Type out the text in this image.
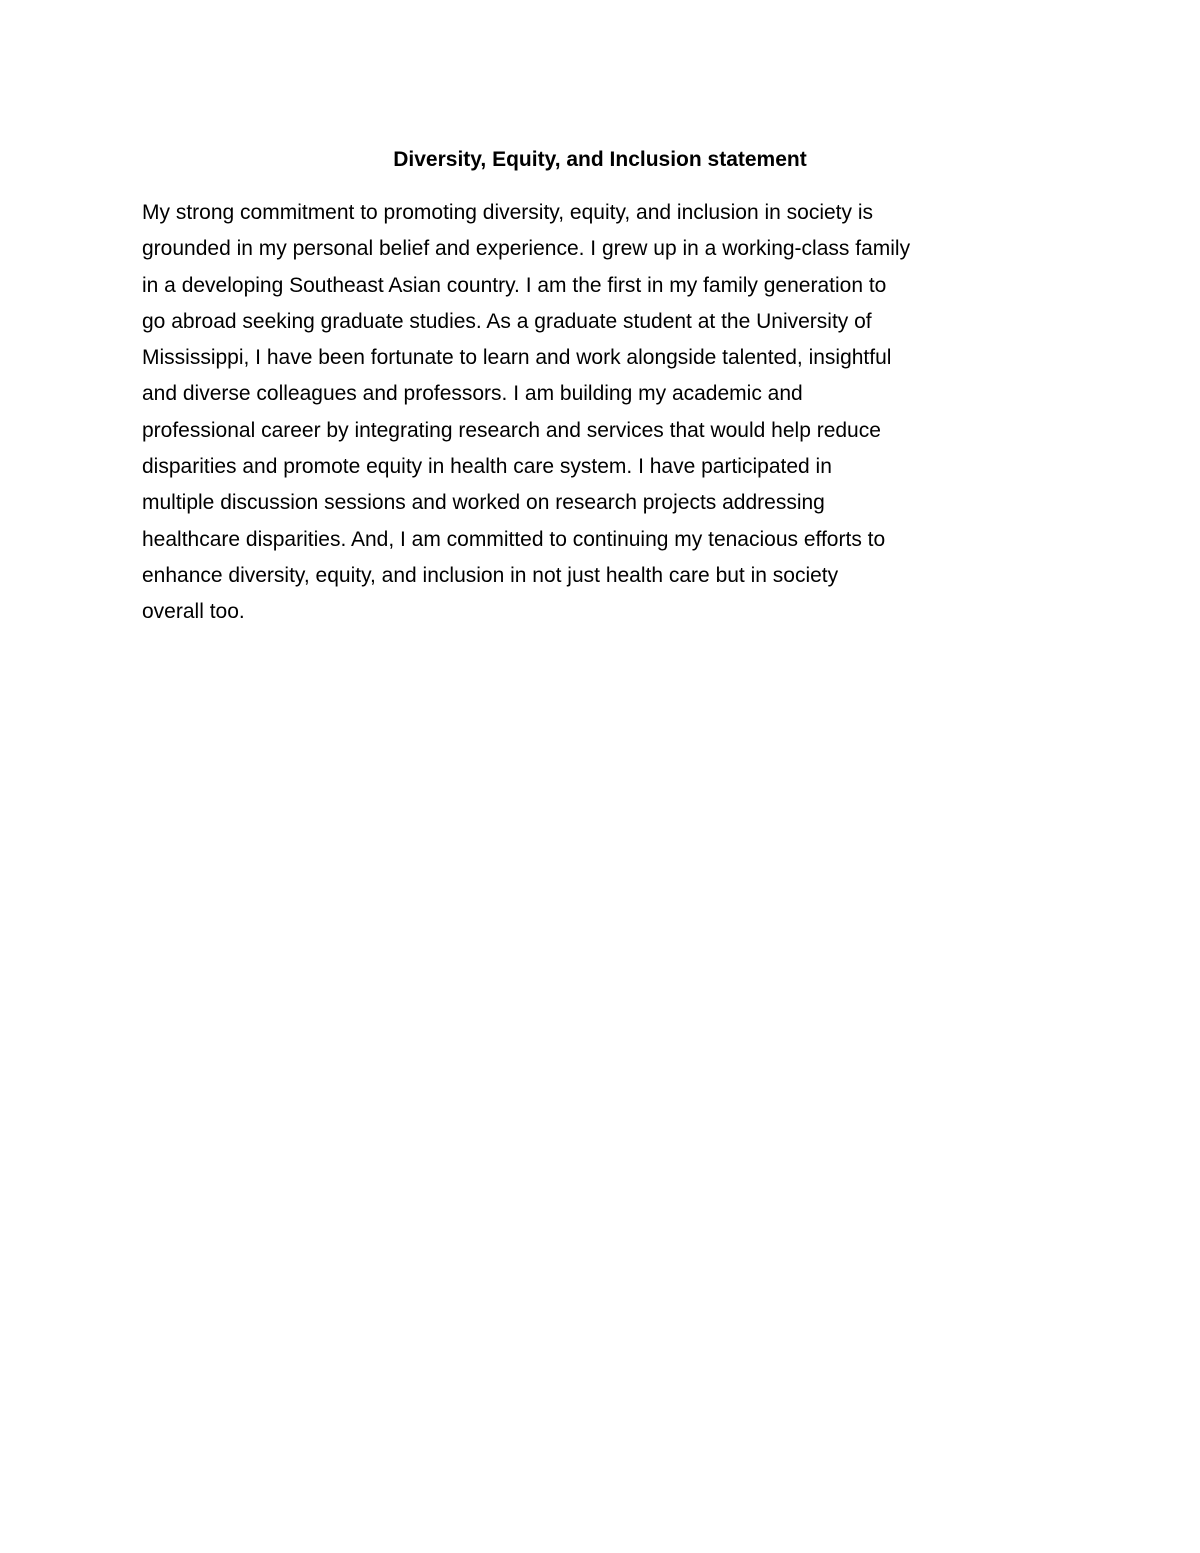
Diversity, Equity, and Inclusion statement
My strong commitment to promoting diversity, equity, and inclusion in society is
grounded in my personal belief and experience. I grew up in a working-class family
in a developing Southeast Asian country. I am the first in my family generation to
go abroad seeking graduate studies. As a graduate student at the University of
Mississippi, I have been fortunate to learn and work alongside talented, insightful
and diverse colleagues and professors. I am building my academic and
professional career by integrating research and services that would help reduce
disparities and promote equity in health care system. I have participated in
multiple discussion sessions and worked on research projects addressing
healthcare disparities. And, I am committed to continuing my tenacious efforts to
enhance diversity, equity, and inclusion in not just health care but in society
overall too.
